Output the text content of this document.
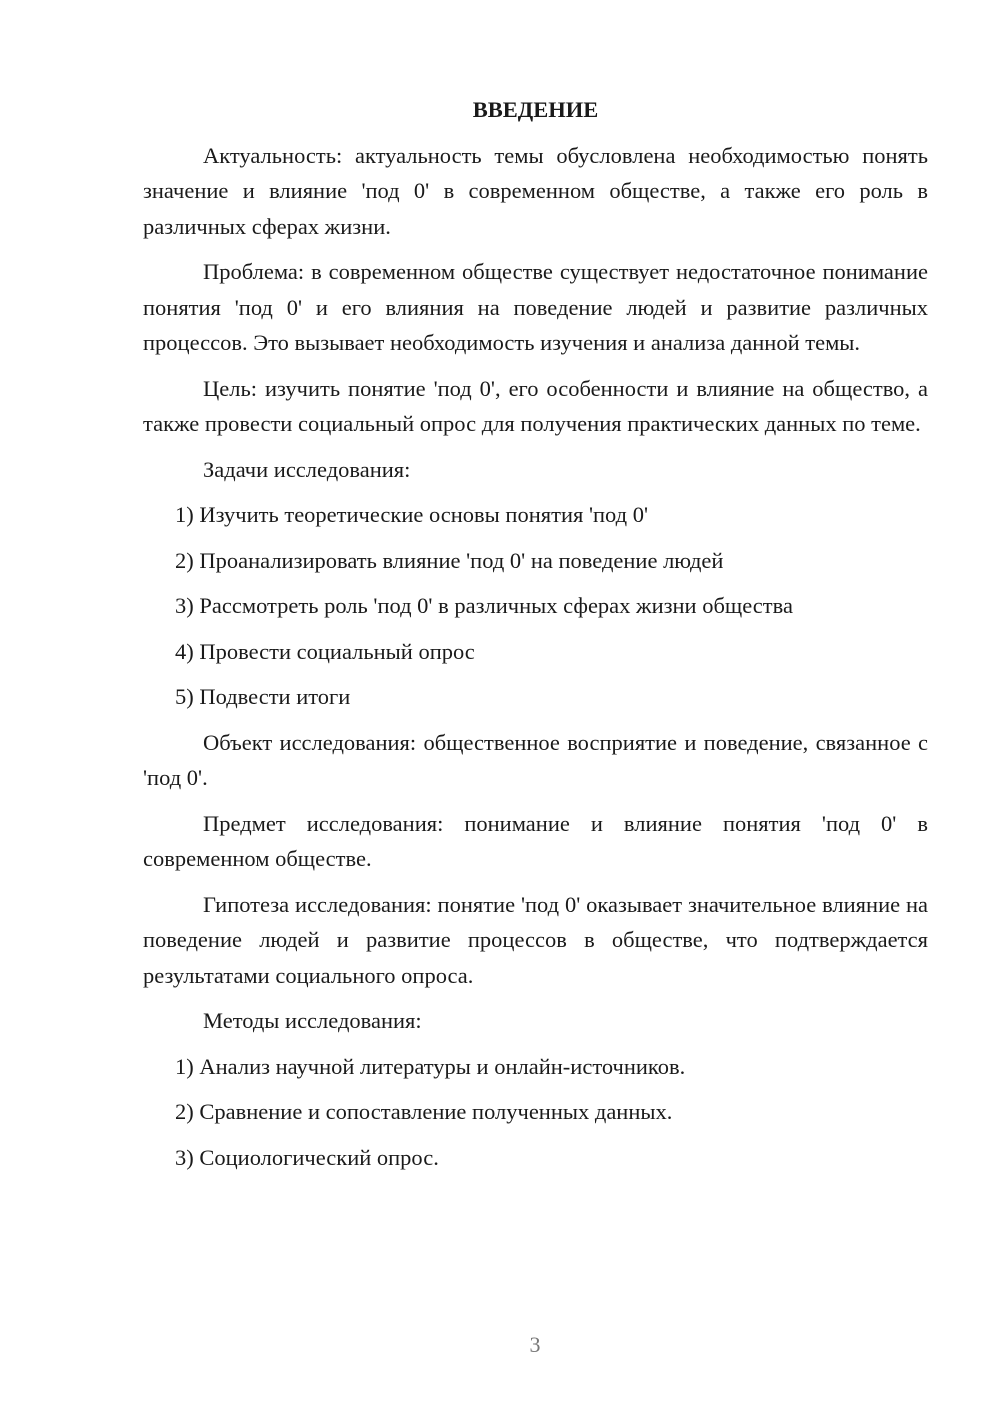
ВВЕДЕНИЕ

Актуальность: актуальность темы обусловлена необходимостью понять значение и влияние 'под 0' в современном обществе, а также его роль в различных сферах жизни.

Проблема: в современном обществе существует недостаточное понимание понятия 'под 0' и его влияния на поведение людей и развитие различных процессов. Это вызывает необходимость изучения и анализа данной темы.

Цель: изучить понятие 'под 0', его особенности и влияние на общество, а также провести социальный опрос для получения практических данных по теме.

Задачи исследования:

1) Изучить теоретические основы понятия 'под 0'

2) Проанализировать влияние 'под 0' на поведение людей

3) Рассмотреть роль 'под 0' в различных сферах жизни общества

4) Провести социальный опрос

5) Подвести итоги

Объект исследования: общественное восприятие и поведение, связанное с 'под 0'.

Предмет исследования: понимание и влияние понятия 'под 0' в современном обществе.

Гипотеза исследования: понятие 'под 0' оказывает значительное влияние на поведение людей и развитие процессов в обществе, что подтверждается результатами социального опроса.

Методы исследования:

1) Анализ научной литературы и онлайн-источников.

2) Сравнение и сопоставление полученных данных.

3) Социологический опрос.

3
